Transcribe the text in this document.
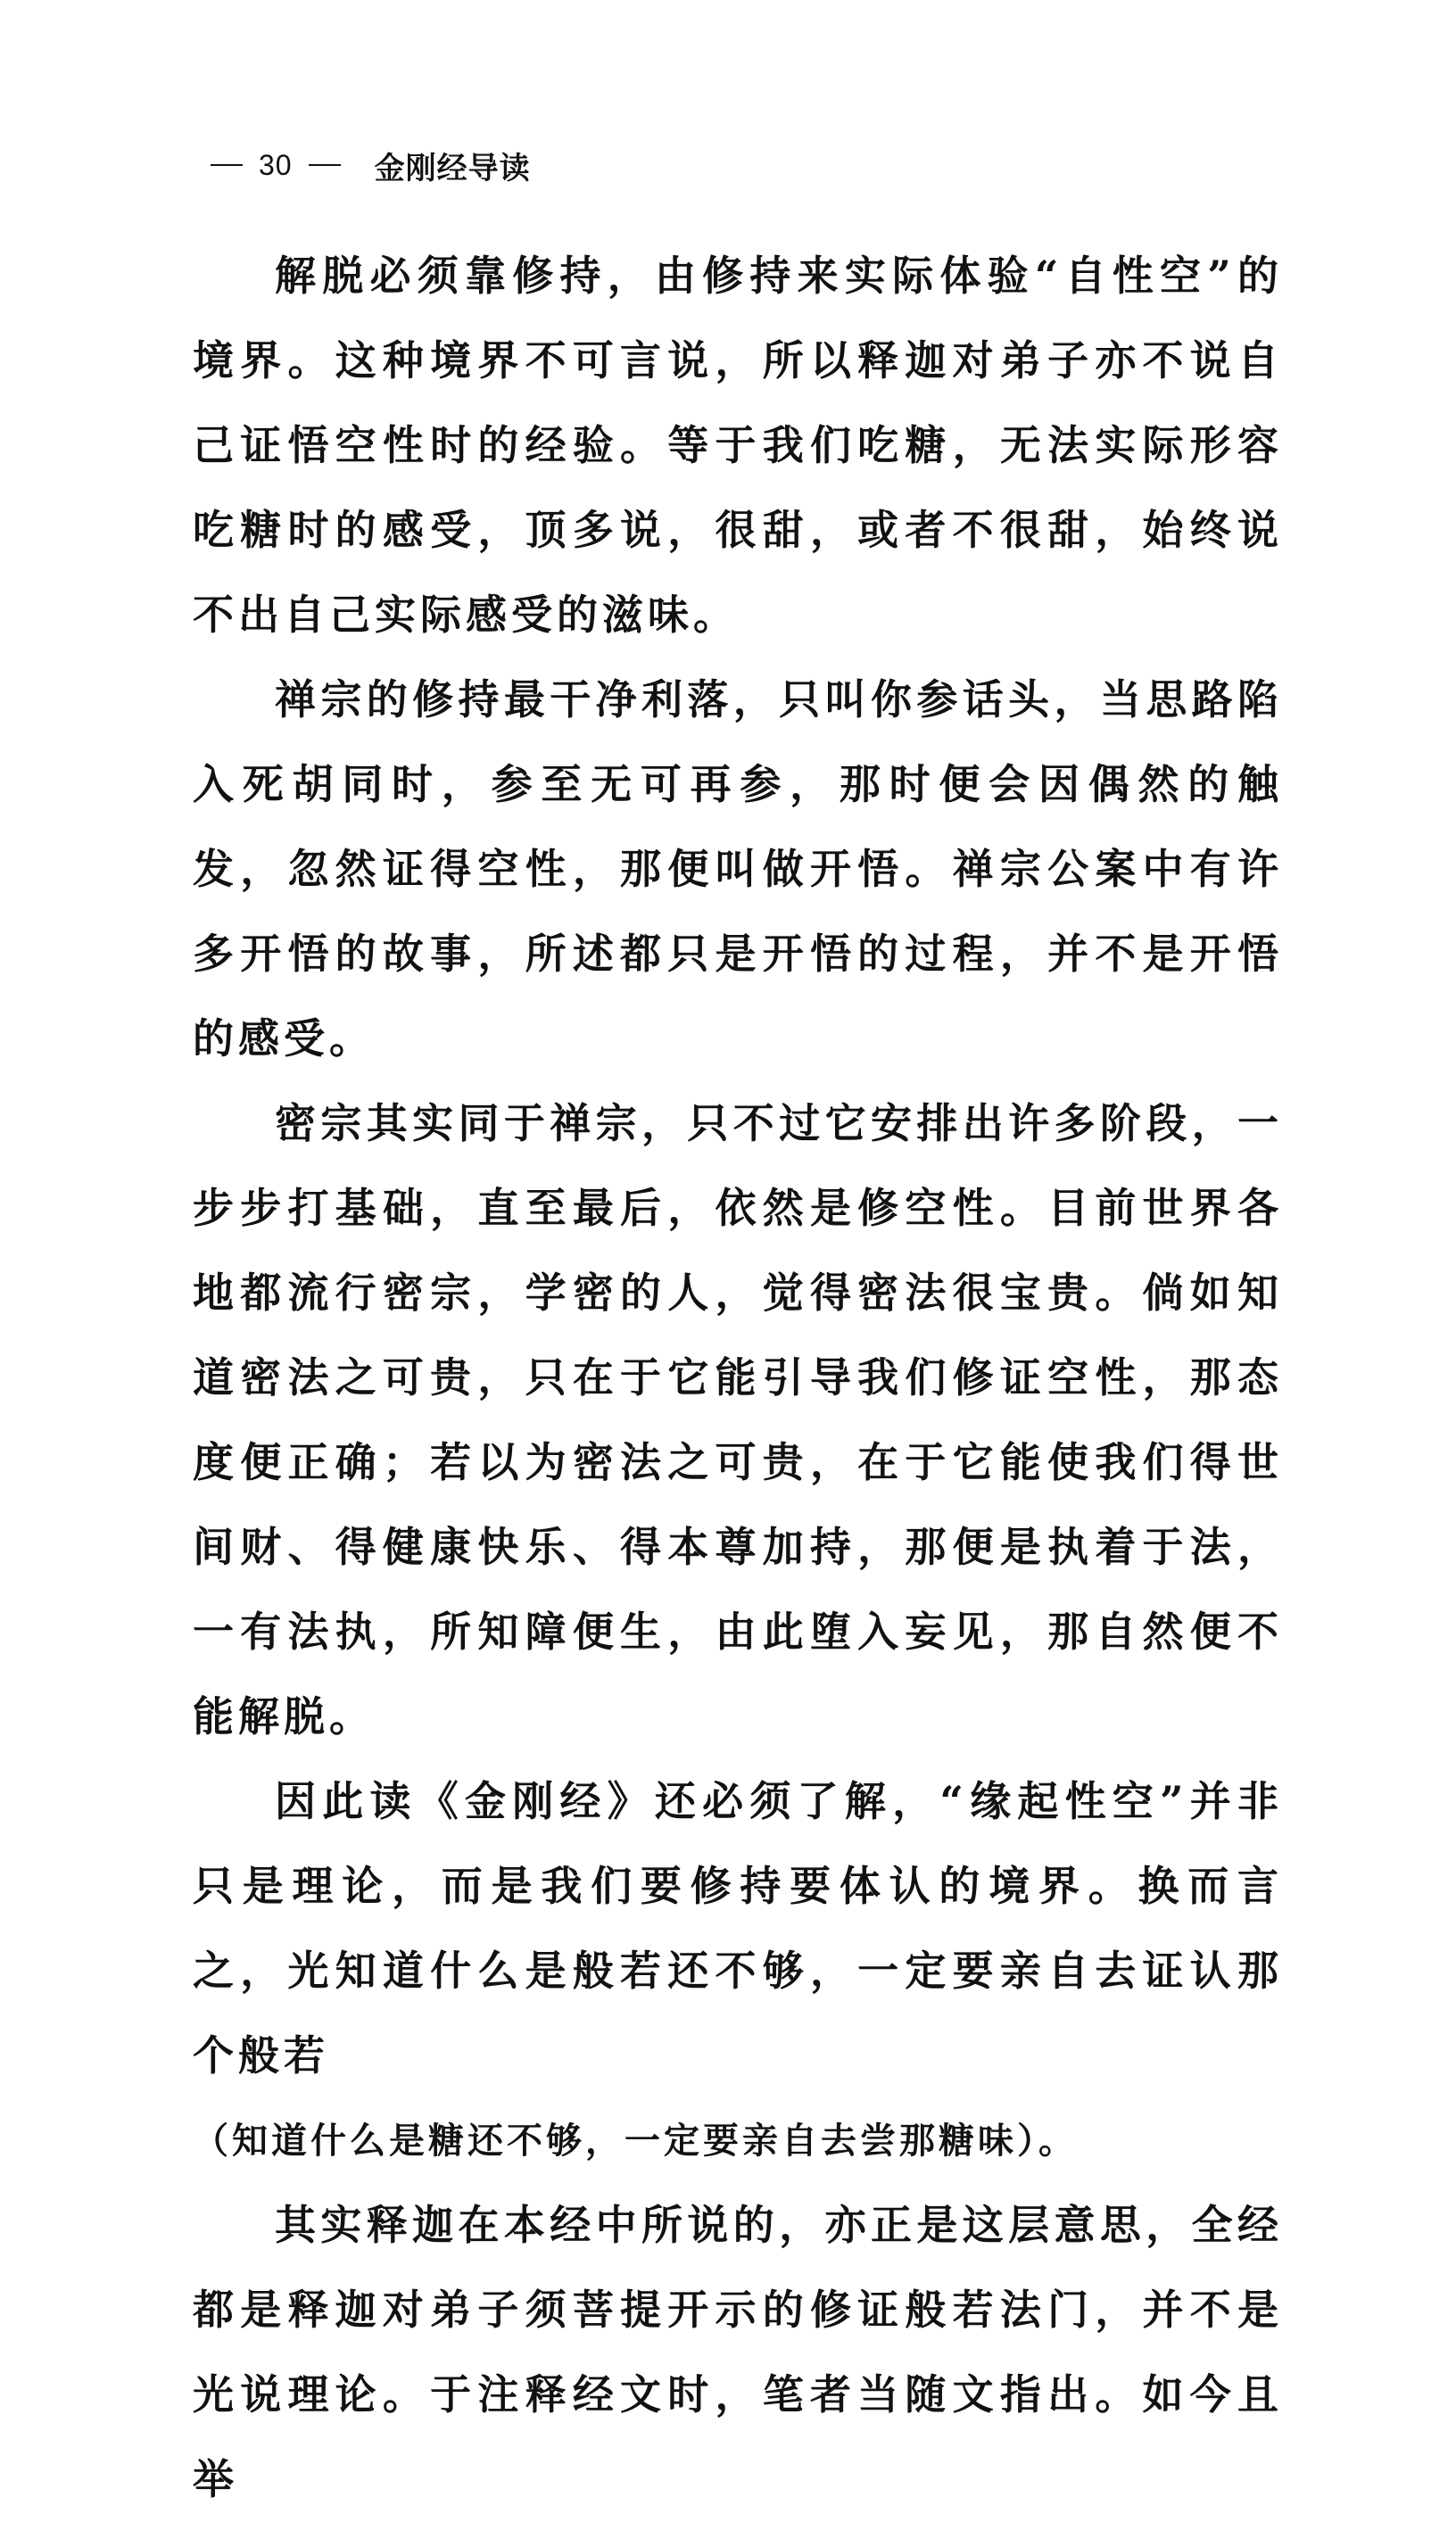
30	金刚经导读

解脱必须靠修持，由修持来实际体验“自性空”的境界。这种境界不可言说，所以释迦对弟子亦不说自己证悟空性时的经验。等于我们吃糖，无法实际形容吃糖时的感受，顶多说，很甜，或者不很甜，始终说不出自己实际感受的滋味。

禅宗的修持最干净利落，只叫你参话头，当思路陷入死胡同时，参至无可再参，那时便会因偶然的触发，忽然证得空性，那便叫做开悟。禅宗公案中有许多开悟的故事，所述都只是开悟的过程，并不是开悟的感受。

密宗其实同于禅宗，只不过它安排出许多阶段，一步步打基础，直至最后，依然是修空性。目前世界各地都流行密宗，学密的人，觉得密法很宝贵。倘如知道密法之可贵，只在于它能引导我们修证空性，那态度便正确；若以为密法之可贵，在于它能使我们得世间财、得健康快乐、得本尊加持，那便是执着于法，一有法执，所知障便生，由此堕入妄见，那自然便不能解脱。

因此读《金刚经》还必须了解，“缘起性空”并非只是理论，而是我们要修持要体认的境界。换而言之，光知道什么是般若还不够，一定要亲自去证认那个般若

（知道什么是糖还不够，一定要亲自去尝那糖味）。

其实释迦在本经中所说的，亦正是这层意思，全经都是释迦对弟子须菩提开示的修证般若法门，并不是光说理论。于注释经文时，笔者当随文指出。如今且举
